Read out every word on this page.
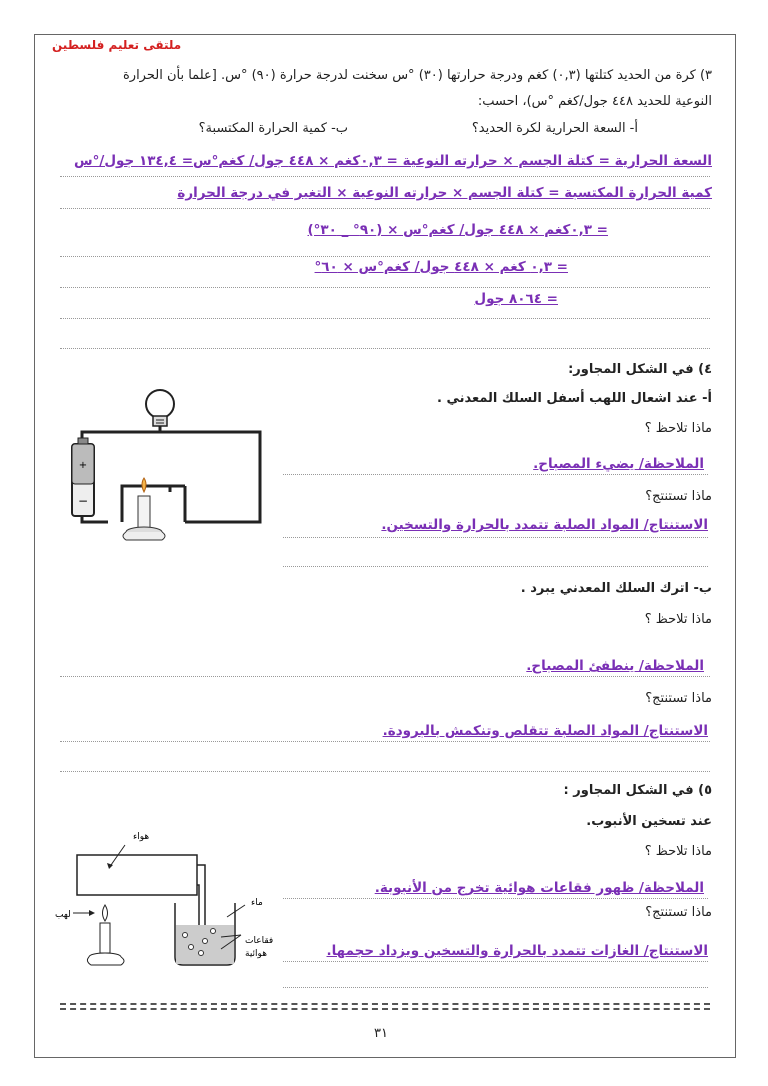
ملتقى تعليم فلسطين
٣) كرة من الحديد كتلتها (٠,٣) كغم ودرجة حرارتها (٣٠) °س سخنت لدرجة حرارة (٩٠) °س. [علما بأن الحرارة
النوعية للحديد ٤٤٨ جول/كغم °س)، احسب:
أ- السعة الحرارية لكرة الحديد؟
ب- كمية الحرارة المكتسبة؟
السعة الحرارية = كتلة الجسم × حرارته النوعية = ٠,٣كغم × ٤٤٨ جول/ كغم°س= ١٣٤,٤ جول/°س
كمية الحرارة المكتسبة = كتلة الجسم × حرارته النوعية × التغير في درجة الحرارة
= ٠,٣كغم × ٤٤٨ جول/ كغم°س × (٩٠° _ ٣٠°)
= ٠,٣ كغم × ٤٤٨ جول/ كغم°س × ٦٠°
= ٨٠٦٤ جول
٤) في الشكل المجاور:
أ- عند اشعال اللهب أسفل السلك المعدني .
ماذا تلاحظ ؟
الملاحظة/ يضيء المصباح.
ماذا تستنتج؟
الاستنتاج/ المواد الصلبة تتمدد بالحرارة والتسخين.
+
−
ب- اترك السلك المعدني يبرد .
ماذا تلاحظ ؟
الملاحظة/ ينطفئ المصباح.
ماذا تستنتج؟
الاستنتاج/ المواد الصلبة تتقلص وتنكمش بالبرودة.
٥) في الشكل المجاور :
عند تسخين الأنبوب.
ماذا تلاحظ ؟
الملاحظة/ ظهور فقاعات هوائية تخرج من الأنبوبة.
ماذا تستنتج؟
الاستنتاج/ الغازات تتمدد بالحرارة والتسخين ويزداد حجمها.
هواء
ماء
فقاعات
هوائية
لهب
٣١
